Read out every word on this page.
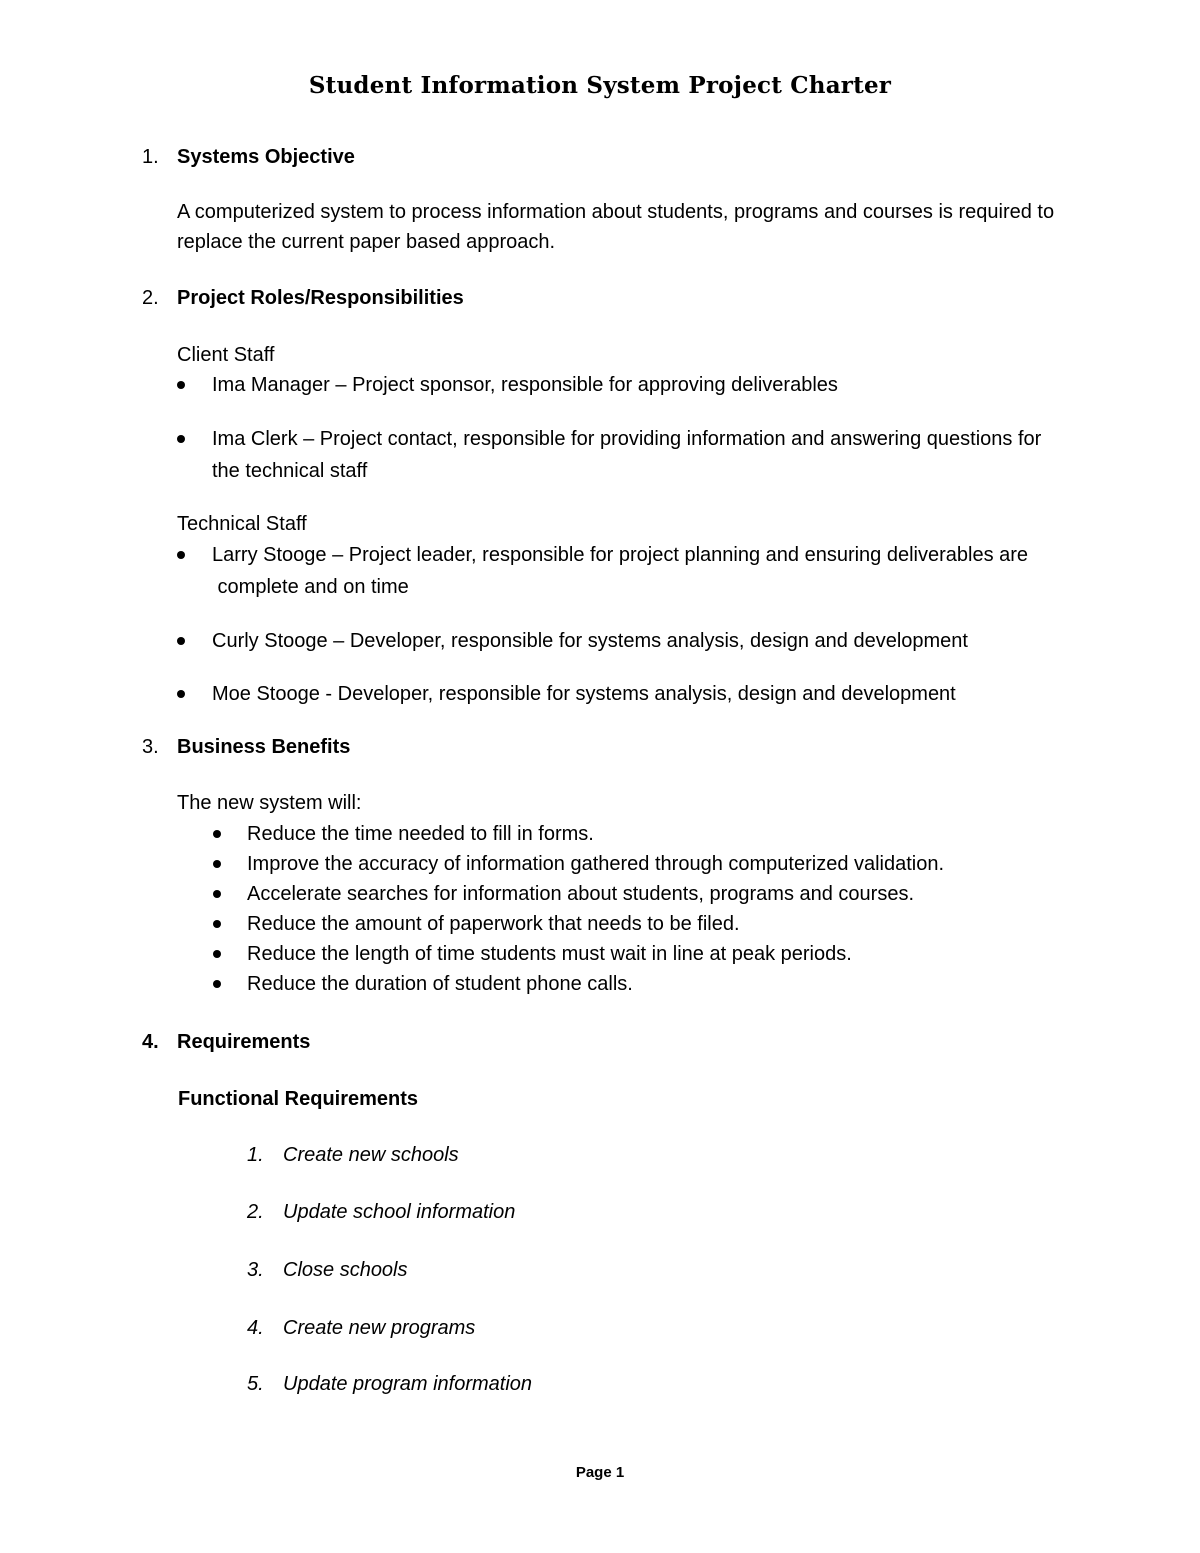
Student Information System Project Charter
1. Systems Objective
A computerized system to process information about students, programs and courses is required to
replace the current paper based approach.
2. Project Roles/Responsibilities
Client Staff
Ima Manager – Project sponsor, responsible for approving deliverables
Ima Clerk – Project contact, responsible for providing information and answering questions for
the technical staff
Technical Staff
Larry Stooge – Project leader, responsible for project planning and ensuring deliverables are
complete and on time
Curly Stooge – Developer, responsible for systems analysis, design and development
Moe Stooge - Developer, responsible for systems analysis, design and development
3. Business Benefits
The new system will:
Reduce the time needed to fill in forms.
Improve the accuracy of information gathered through computerized validation.
Accelerate searches for information about students, programs and courses.
Reduce the amount of paperwork that needs to be filed.
Reduce the length of time students must wait in line at peak periods.
Reduce the duration of student phone calls.
4. Requirements
Functional Requirements
1. Create new schools
2. Update school information
3. Close schools
4. Create new programs
5. Update program information
Page 1
